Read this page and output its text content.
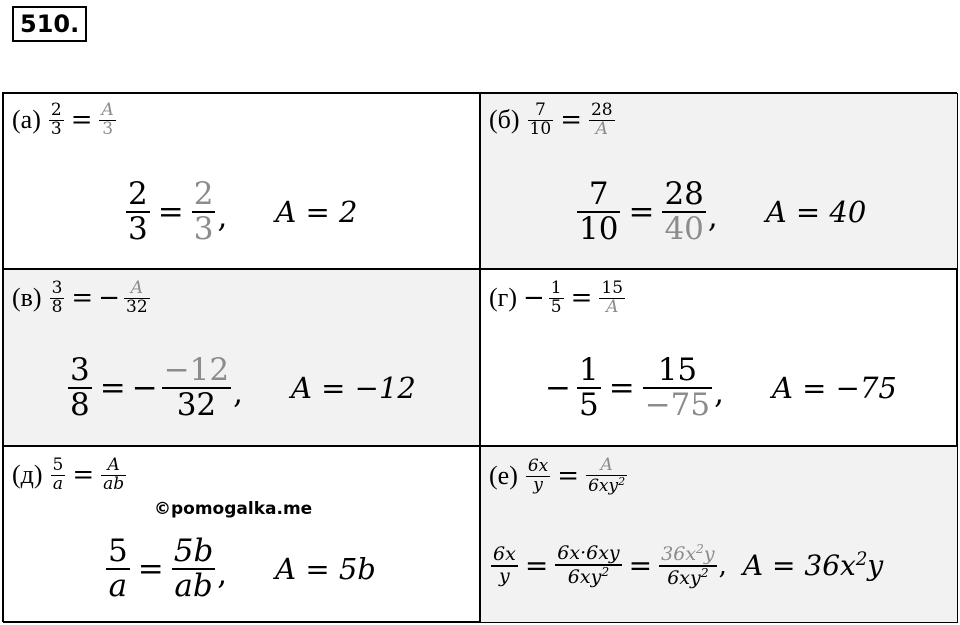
510.
$(а) \frac{2}{3} = \frac{A}{3}$
$\frac{2}{3} = \frac{2}{3}$ , A = 2
$(б) \frac{7}{10} = \frac{28}{A}$
$\frac{7}{10} = \frac{28}{40}$ , A = 40
$(в) \frac{3}{8}$ = − $\frac{A}{32}$
$\frac{3}{8}$ = − $\frac{-12}{32}$ , A = −12
$(г) - \frac{1}{5} = \frac{15}{A}$
− $\frac{1}{5} = \frac{15}{-75}$ , A = −75
$(д) \frac{5}{a} = \frac{A}{ab}$
©pomogalka.me
$\frac{5}{a} = \frac{5b}{ab}$ , A = 5b
$(е) \frac{6x}{y} = \frac{A}{6xy^2}$
$\frac{6x}{y} = \frac{6x\cdot 6xy}{6xy^2} = \frac{36x^2y}{6xy^2}$ , $A = 36x^2y$
